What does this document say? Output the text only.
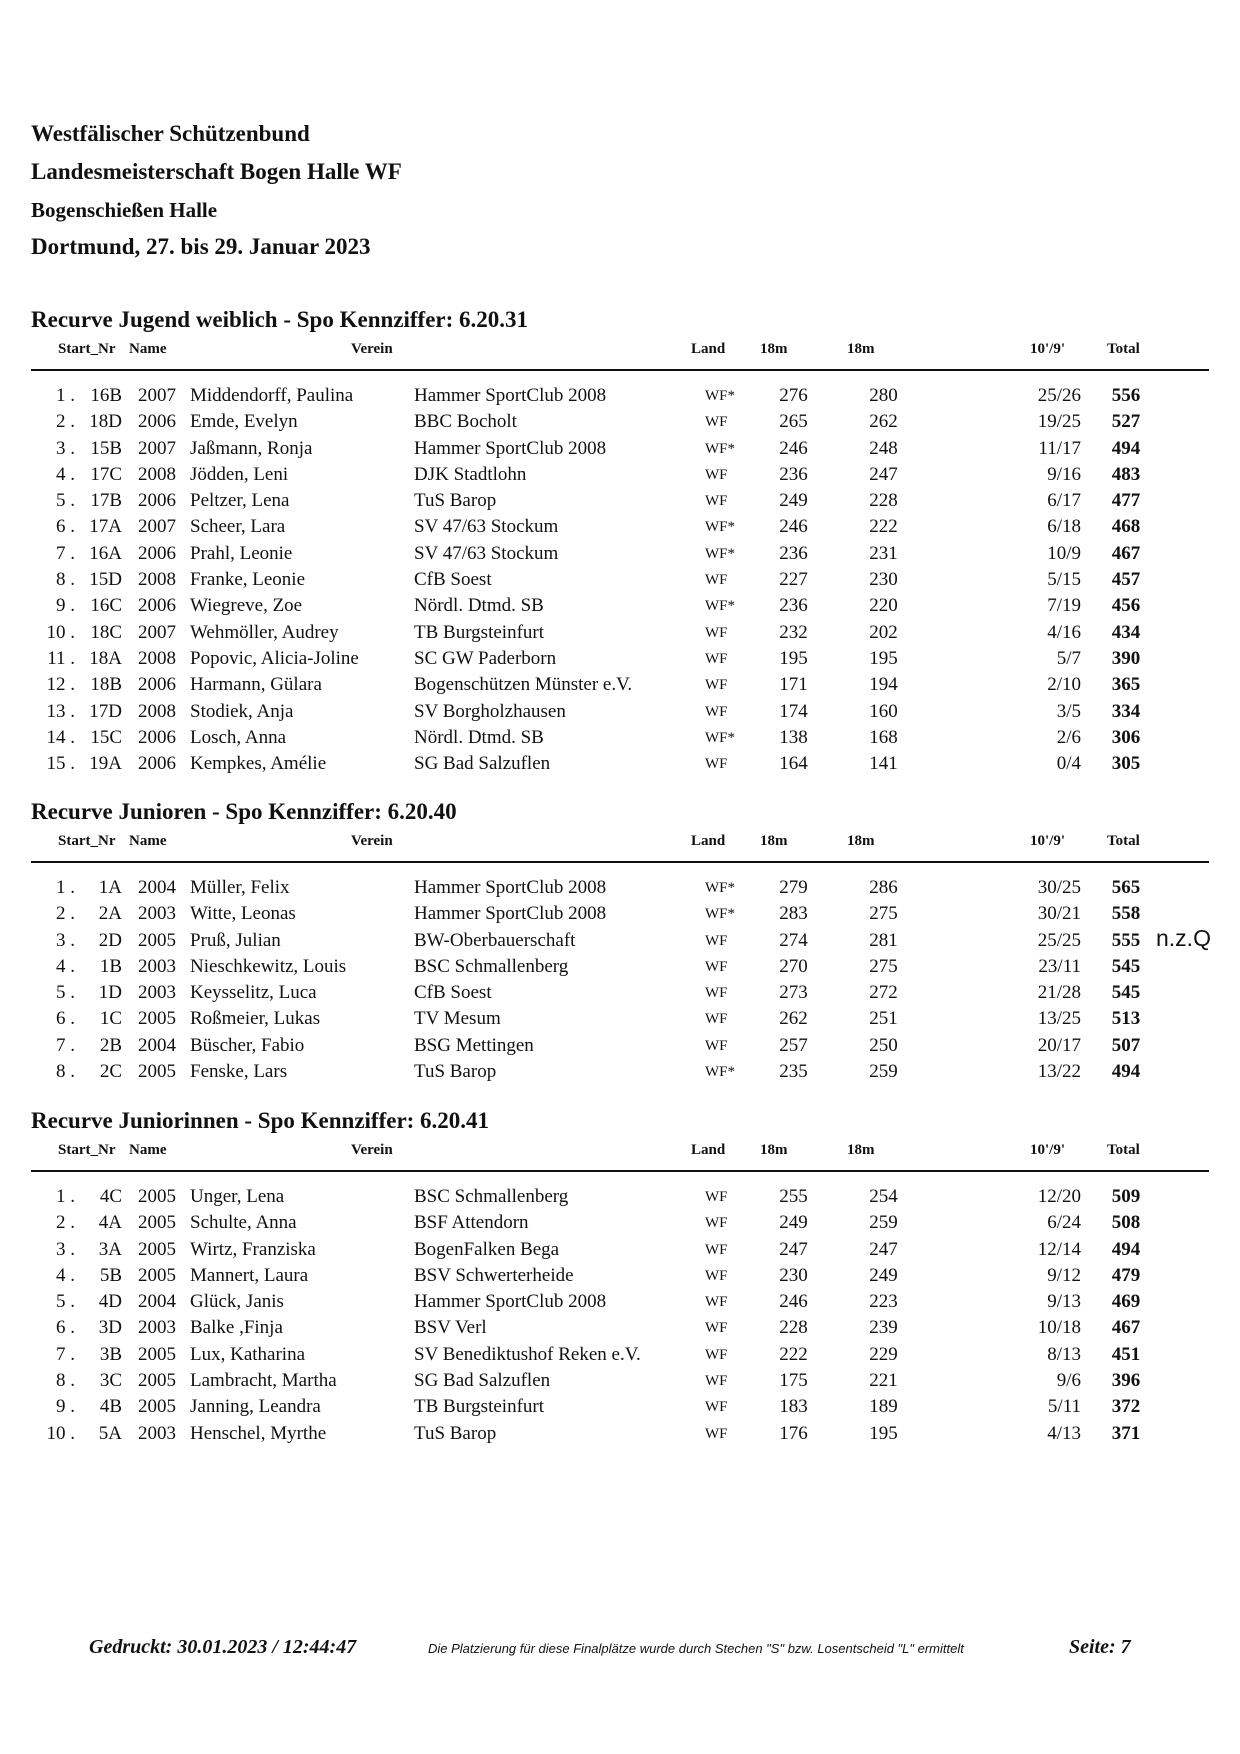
Westfälischer Schützenbund
Landesmeisterschaft Bogen Halle WF
Bogenschießen Halle
Dortmund, 27. bis 29. Januar 2023
Recurve Jugend weiblich - Spo Kennziffer: 6.20.31
Start_Nr Name	Verein	Land 18m	18m	10'/9'	Total
1 . 16B 2007 Middendorff, Paulina	Hammer SportClub 2008	WF*	276	280	25/26	556
2 . 18D 2006 Emde, Evelyn	BBC Bocholt	WF	265	262	19/25	527
3 . 15B 2007 Jaßmann, Ronja	Hammer SportClub 2008	WF*	246	248	11/17	494
4 . 17C 2008 Jödden, Leni	DJK Stadtlohn	WF	236	247	9/16	483
5 . 17B 2006 Peltzer, Lena	TuS Barop	WF	249	228	6/17	477
6 . 17A 2007 Scheer, Lara	SV 47/63 Stockum	WF*	246	222	6/18	468
7 . 16A 2006 Prahl, Leonie	SV 47/63 Stockum	WF*	236	231	10/9	467
8 . 15D 2008 Franke, Leonie	CfB Soest	WF	227	230	5/15	457
9 . 16C 2006 Wiegreve, Zoe	Nördl. Dtmd. SB	WF*	236	220	7/19	456
10 . 18C 2007 Wehmöller, Audrey	TB Burgsteinfurt	WF	232	202	4/16	434
11 . 18A 2008 Popovic, Alicia-Joline	SC GW Paderborn	WF	195	195	5/7	390
12 . 18B 2006 Harmann, Gülara	Bogenschützen Münster e.V.	WF	171	194	2/10	365
13 . 17D 2008 Stodiek, Anja	SV Borgholzhausen	WF	174	160	3/5	334
14 . 15C 2006 Losch, Anna	Nördl. Dtmd. SB	WF*	138	168	2/6	306
15 . 19A 2006 Kempkes, Amélie	SG Bad Salzuflen	WF	164	141	0/4	305
Recurve Junioren - Spo Kennziffer: 6.20.40
Start_Nr Name	Verein	Land 18m	18m	10'/9'	Total
1 .	1A 2004 Müller, Felix	Hammer SportClub 2008	WF*	279	286	30/25	565
2 .	2A 2003 Witte, Leonas	Hammer SportClub 2008	WF*	283	275	30/21	558
3 .	2D 2005 Pruß, Julian	BW-Oberbauerschaft	WF	274	281	25/25	555 n.z.Q
4 .	1B 2003 Nieschkewitz, Louis	BSC Schmallenberg	WF	270	275	23/11	545
5 .	1D 2003 Keysselitz, Luca	CfB Soest	WF	273	272	21/28	545
6 .	1C 2005 Roßmeier, Lukas	TV Mesum	WF	262	251	13/25	513
7 .	2B 2004 Büscher, Fabio	BSG Mettingen	WF	257	250	20/17	507
8 .	2C 2005 Fenske, Lars	TuS Barop	WF*	235	259	13/22	494
Recurve Juniorinnen - Spo Kennziffer: 6.20.41
Start_Nr Name	Verein	Land 18m	18m	10'/9'	Total
1 .	4C 2005 Unger, Lena	BSC Schmallenberg	WF	255	254	12/20	509
2 .	4A 2005 Schulte, Anna	BSF Attendorn	WF	249	259	6/24	508
3 .	3A 2005 Wirtz, Franziska	BogenFalken Bega	WF	247	247	12/14	494
4 .	5B 2005 Mannert, Laura	BSV Schwerterheide	WF	230	249	9/12	479
5 .	4D 2004 Glück, Janis	Hammer SportClub 2008	WF	246	223	9/13	469
6 .	3D 2003 Balke ,Finja	BSV Verl	WF	228	239	10/18	467
7 .	3B 2005 Lux, Katharina	SV Benediktushof Reken e.V.	WF	222	229	8/13	451
8 .	3C 2005 Lambracht, Martha	SG Bad Salzuflen	WF	175	221	9/6	396
9 .	4B 2005 Janning, Leandra	TB Burgsteinfurt	WF	183	189	5/11	372
10 .	5A 2003 Henschel, Myrthe	TuS Barop	WF	176	195	4/13	371
Gedruckt: 30.01.2023 / 12:44:47	Die Platzierung für diese Finalplätze wurde durch Stechen "S" bzw. Losentscheid "L" ermittelt	Seite: 7
